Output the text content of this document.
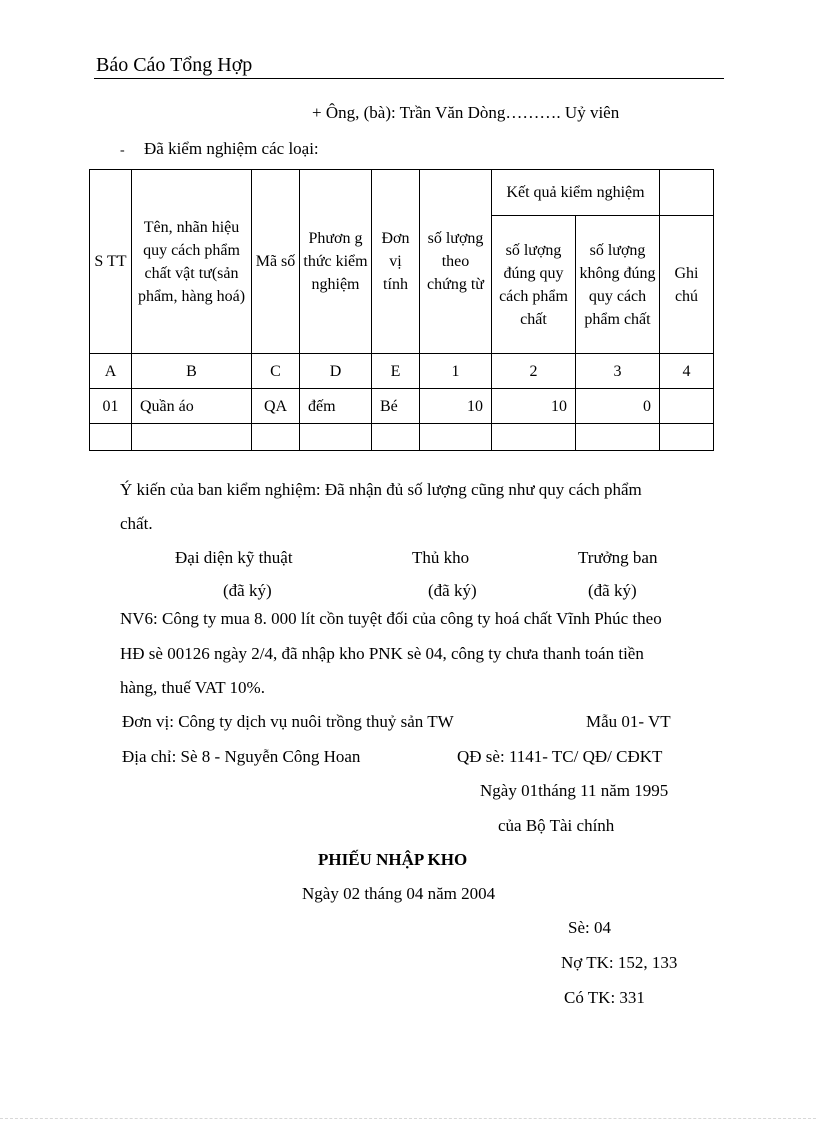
Báo Cáo Tổng Hợp
+ Ông, (bà): Trần Văn Dòng………. Uỷ viên
- Đã kiểm nghiệm các loại:
S TT	Tên, nhãn hiệu quy cách phẩm chất vật tư(sản phẩm, hàng hoá)	Mã số	Phươn g thức kiểm nghiệm	Đơn vị tính	số lượng theo chứng từ	Kết quả kiểm nghiệm		
						số lượng đúng quy cách phẩm chất	số lượng không đúng quy cách phẩm chất	Ghi chú
A	B	C	D	E	1	2	3	4
01	Quần áo	QA	đếm	Bé	10	10	0	

Ý kiến của ban kiểm nghiệm: Đã nhận đủ số lượng cũng như quy cách phẩm
chất.
Đại diện kỹ thuật	Thủ kho	Trưởng ban
(đã ký)	(đã ký)	(đã ký)
NV6: Công ty mua 8. 000 lít cồn tuyệt đối của công ty hoá chất Vĩnh Phúc theo
HĐ sè 00126 ngày 2/4, đã nhập kho PNK sè 04, công ty chưa thanh toán tiền
hàng, thuế VAT 10%.
Đơn vị: Công ty dịch vụ nuôi trồng thuỷ sản TW	Mẫu 01- VT
Địa chỉ: Sè 8 - Nguyễn Công Hoan	QĐ sè: 1141- TC/ QĐ/ CĐKT
Ngày 01tháng 11 năm 1995
của Bộ Tài chính
PHIẾU NHẬP KHO
Ngày 02 tháng 04 năm 2004
Sè: 04
Nợ TK: 152, 133
Có TK: 331
